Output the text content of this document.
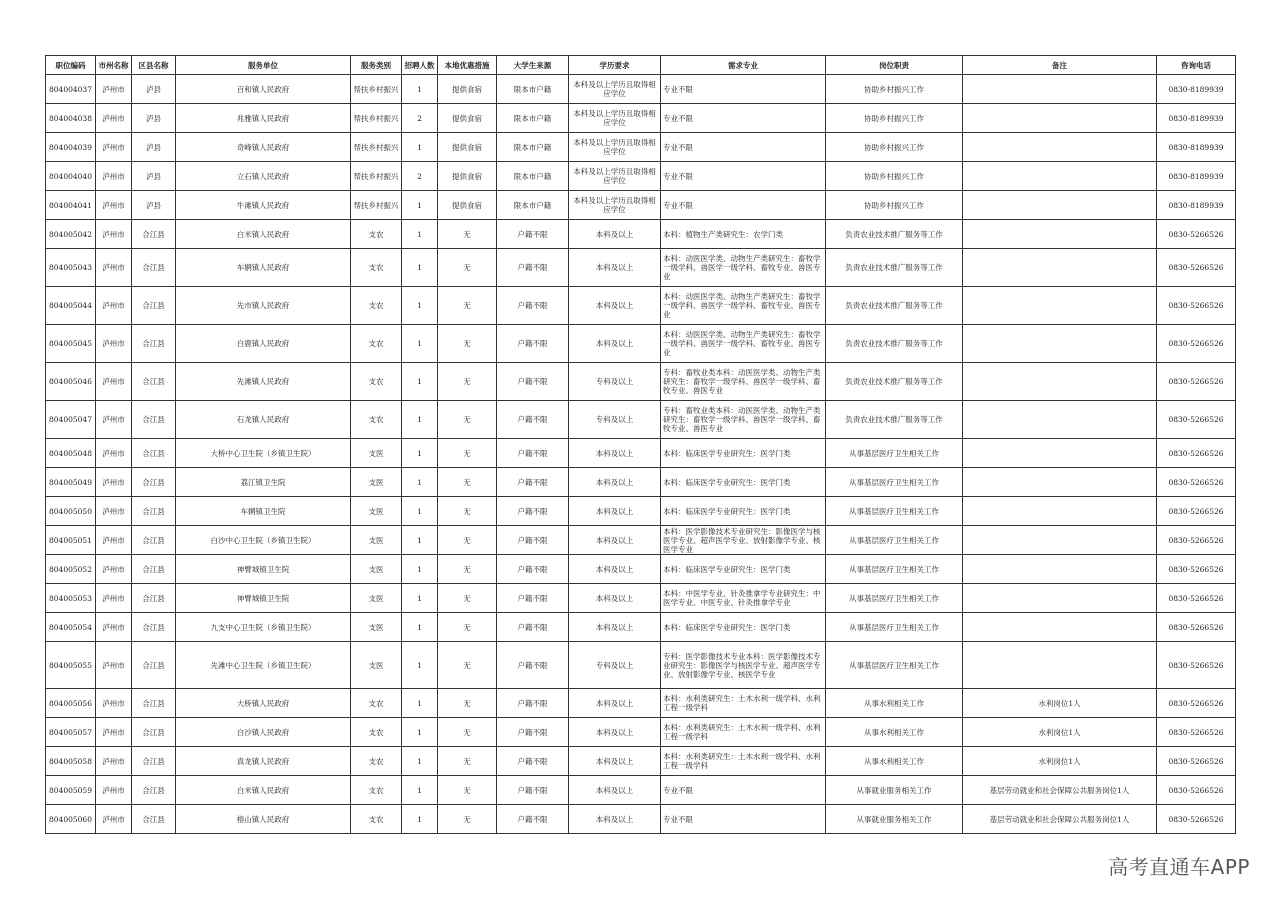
职位编码	市州名称	区县名称	服务单位	服务类别	招聘人数	本地优惠措施	大学生来源	学历要求	需求专业	岗位职责	备注	咨询电话
804004037	泸州市	泸县	百和镇人民政府	帮扶乡村振兴	1	提供食宿	限本市户籍	本科及以上学历且取得相应学位	专业不限	协助乡村振兴工作		0830-8189939
804004038	泸州市	泸县	兆雅镇人民政府	帮扶乡村振兴	2	提供食宿	限本市户籍	本科及以上学历且取得相应学位	专业不限	协助乡村振兴工作		0830-8189939
804004039	泸州市	泸县	奇峰镇人民政府	帮扶乡村振兴	1	提供食宿	限本市户籍	本科及以上学历且取得相应学位	专业不限	协助乡村振兴工作		0830-8189939
804004040	泸州市	泸县	立石镇人民政府	帮扶乡村振兴	2	提供食宿	限本市户籍	本科及以上学历且取得相应学位	专业不限	协助乡村振兴工作		0830-8189939
804004041	泸州市	泸县	牛滩镇人民政府	帮扶乡村振兴	1	提供食宿	限本市户籍	本科及以上学历且取得相应学位	专业不限	协助乡村振兴工作		0830-8189939
804005042	泸州市	合江县	白米镇人民政府	支农	1	无	户籍不限	本科及以上	本科：植物生产类研究生：农学门类	负责农业技术推广服务等工作		0830-5266526
804005043	泸州市	合江县	车辋镇人民政府	支农	1	无	户籍不限	本科及以上	本科：动医医学类、动物生产类研究生：畜牧学一级学科、兽医学一级学科、畜牧专业、兽医专业	负责农业技术推广服务等工作		0830-5266526
804005044	泸州市	合江县	先市镇人民政府	支农	1	无	户籍不限	本科及以上	本科：动医医学类、动物生产类研究生：畜牧学一级学科、兽医学一级学科、畜牧专业、兽医专业	负责农业技术推广服务等工作		0830-5266526
804005045	泸州市	合江县	白鹿镇人民政府	支农	1	无	户籍不限	本科及以上	本科：动医医学类、动物生产类研究生：畜牧学一级学科、兽医学一级学科、畜牧专业、兽医专业	负责农业技术推广服务等工作		0830-5266526
804005046	泸州市	合江县	先滩镇人民政府	支农	1	无	户籍不限	专科及以上	专科：畜牧业类本科：动医医学类、动物生产类研究生：畜牧学一级学科、兽医学一级学科、畜牧专业、兽医专业	负责农业技术推广服务等工作		0830-5266526
804005047	泸州市	合江县	石龙镇人民政府	支农	1	无	户籍不限	专科及以上	专科：畜牧业类本科：动医医学类、动物生产类研究生：畜牧学一级学科、兽医学一级学科、畜牧专业、兽医专业	负责农业技术推广服务等工作		0830-5266526
804005048	泸州市	合江县	大桥中心卫生院（乡镇卫生院）	支医	1	无	户籍不限	本科及以上	本科：临床医学专业研究生：医学门类	从事基层医疗卫生相关工作		0830-5266526
804005049	泸州市	合江县	荔江镇卫生院	支医	1	无	户籍不限	本科及以上	本科：临床医学专业研究生：医学门类	从事基层医疗卫生相关工作		0830-5266526
804005050	泸州市	合江县	车辋镇卫生院	支医	1	无	户籍不限	本科及以上	本科：临床医学专业研究生：医学门类	从事基层医疗卫生相关工作		0830-5266526
804005051	泸州市	合江县	白沙中心卫生院（乡镇卫生院）	支医	1	无	户籍不限	本科及以上	本科：医学影像技术专业研究生：影像医学与核医学专业、超声医学专业、放射影像学专业、核医学专业	从事基层医疗卫生相关工作		0830-5266526
804005052	泸州市	合江县	神臂城镇卫生院	支医	1	无	户籍不限	本科及以上	本科：临床医学专业研究生：医学门类	从事基层医疗卫生相关工作		0830-5266526
804005053	泸州市	合江县	神臂城镇卫生院	支医	1	无	户籍不限	本科及以上	本科：中医学专业、针灸推拿学专业研究生：中医学专业、中医专业、针灸推拿学专业	从事基层医疗卫生相关工作		0830-5266526
804005054	泸州市	合江县	九支中心卫生院（乡镇卫生院）	支医	1	无	户籍不限	本科及以上	本科：临床医学专业研究生：医学门类	从事基层医疗卫生相关工作		0830-5266526
804005055	泸州市	合江县	先滩中心卫生院（乡镇卫生院）	支医	1	无	户籍不限	专科及以上	专科：医学影像技术专业本科：医学影像技术专业研究生：影像医学与核医学专业、超声医学专业、放射影像学专业、核医学专业	从事基层医疗卫生相关工作		0830-5266526
804005056	泸州市	合江县	大桥镇人民政府	支农	1	无	户籍不限	本科及以上	本科：水利类研究生：土木水利一级学科、水利工程一级学科	从事水利相关工作	水利岗位1人	0830-5266526
804005057	泸州市	合江县	白沙镇人民政府	支农	1	无	户籍不限	本科及以上	本科：水利类研究生：土木水利一级学科、水利工程一级学科	从事水利相关工作	水利岗位1人	0830-5266526
804005058	泸州市	合江县	真龙镇人民政府	支农	1	无	户籍不限	本科及以上	本科：水利类研究生：土木水利一级学科、水利工程一级学科	从事水利相关工作	水利岗位1人	0830-5266526
804005059	泸州市	合江县	白米镇人民政府	支农	1	无	户籍不限	本科及以上	专业不限	从事就业服务相关工作	基层劳动就业和社会保障公共服务岗位1人	0830-5266526
804005060	泸州市	合江县	榕山镇人民政府	支农	1	无	户籍不限	本科及以上	专业不限	从事就业服务相关工作	基层劳动就业和社会保障公共服务岗位1人	0830-5266526
高考直通车APP
